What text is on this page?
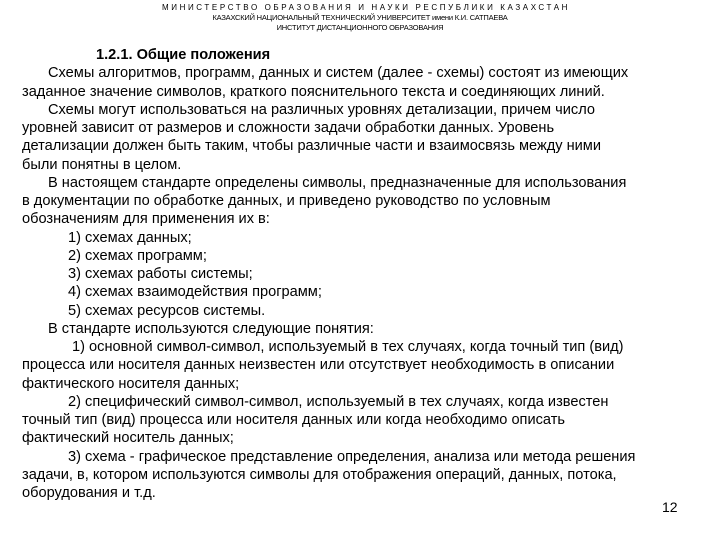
МИНИСТЕРСТВО ОБРАЗОВАНИЯ И НАУКИ РЕСПУБЛИКИ КАЗАХСТАН
КАЗАХСКИЙ НАЦИОНАЛЬНЫЙ ТЕХНИЧЕСКИЙ УНИВЕРСИТЕТ имени К.И. САТПАЕВА
ИНСТИТУТ ДИСТАНЦИОННОГО ОБРАЗОВАНИЯ
1.2.1. Общие положения
Схемы алгоритмов, программ, данных и систем (далее - схемы) состоят из имеющих
заданное значение символов, краткого пояснительного текста и соединяющих линий.
Схемы могут использоваться на различных уровнях детализации, причем число
уровней зависит от размеров и сложности задачи обработки данных. Уровень
детализации должен быть таким, чтобы различные части и взаимосвязь между ними
были понятны в целом.
В настоящем стандарте определены символы, предназначенные для использования
в документации по обработке данных, и приведено руководство по условным
обозначениям для применения их в:
1) схемах данных;
2) схемах программ;
3) схемах работы системы;
4) схемах взаимодействия программ;
5) схемах ресурсов системы.
В стандарте используются следующие понятия:
1) основной символ-символ, используемый в тех случаях, когда точный тип (вид)
процесса или носителя данных неизвестен или отсутствует необходимость в описании
фактического носителя данных;
2) специфический символ-символ, используемый в тех случаях, когда известен
точный тип (вид) процесса или носителя данных или когда необходимо описать
фактический носитель данных;
3) схема - графическое представление определения, анализа или метода решения
задачи, в, котором используются символы для отображения операций, данных, потока,
оборудования и т.д.
12
